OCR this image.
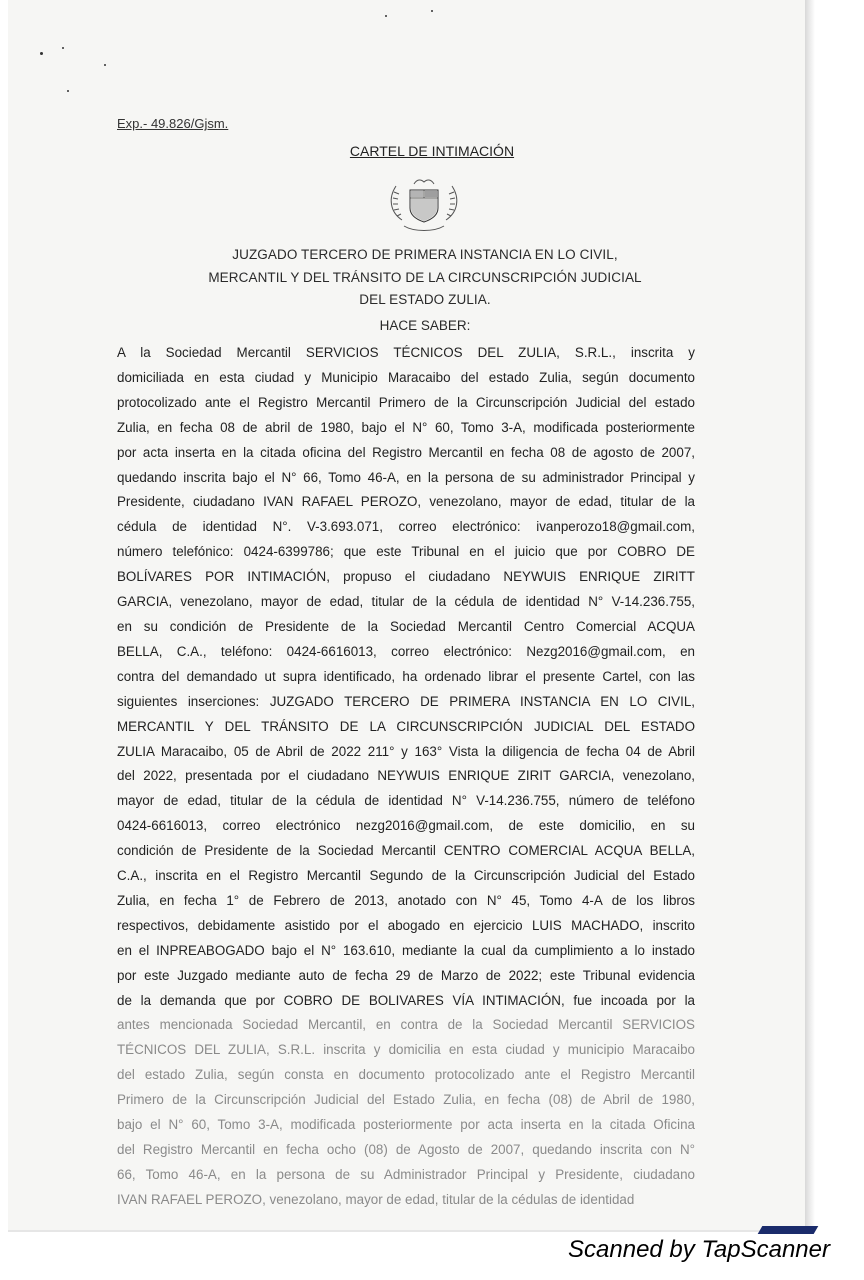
Exp.- 49.826/Gjsm.
CARTEL DE INTIMACIÓN
JUZGADO TERCERO DE PRIMERA INSTANCIA EN LO CIVIL,
MERCANTIL Y DEL TRÁNSITO DE LA CIRCUNSCRIPCIÓN JUDICIAL
DEL ESTADO ZULIA.
HACE SABER:
A la Sociedad Mercantil SERVICIOS TÉCNICOS DEL ZULIA, S.R.L., inscrita y
domiciliada en esta ciudad y Municipio Maracaibo del estado Zulia, según documento
protocolizado ante el Registro Mercantil Primero de la Circunscripción Judicial del estado
Zulia, en fecha 08 de abril de 1980, bajo el N° 60, Tomo 3-A, modificada posteriormente
por acta inserta en la citada oficina del Registro Mercantil en fecha 08 de agosto de 2007,
quedando inscrita bajo el N° 66, Tomo 46-A, en la persona de su administrador Principal y
Presidente, ciudadano IVAN RAFAEL PEROZO, venezolano, mayor de edad, titular de la
cédula de identidad N°. V-3.693.071, correo electrónico: ivanperozo18@gmail.com,
número telefónico: 0424-6399786; que este Tribunal en el juicio que por COBRO DE
BOLÍVARES POR INTIMACIÓN, propuso el ciudadano NEYWUIS ENRIQUE ZIRITT
GARCIA, venezolano, mayor de edad, titular de la cédula de identidad N° V-14.236.755,
en su condición de Presidente de la Sociedad Mercantil Centro Comercial ACQUA
BELLA, C.A., teléfono: 0424-6616013, correo electrónico: Nezg2016@gmail.com, en
contra del demandado ut supra identificado, ha ordenado librar el presente Cartel, con las
siguientes inserciones: JUZGADO TERCERO DE PRIMERA INSTANCIA EN LO CIVIL,
MERCANTIL Y DEL TRÁNSITO DE LA CIRCUNSCRIPCIÓN JUDICIAL DEL ESTADO
ZULIA Maracaibo, 05 de Abril de 2022 211° y 163° Vista la diligencia de fecha 04 de Abril
del 2022, presentada por el ciudadano NEYWUIS ENRIQUE ZIRIT GARCIA, venezolano,
mayor de edad, titular de la cédula de identidad N° V-14.236.755, número de teléfono
0424-6616013, correo electrónico nezg2016@gmail.com, de este domicilio, en su
condición de Presidente de la Sociedad Mercantil CENTRO COMERCIAL ACQUA BELLA,
C.A., inscrita en el Registro Mercantil Segundo de la Circunscripción Judicial del Estado
Zulia, en fecha 1° de Febrero de 2013, anotado con N° 45, Tomo 4-A de los libros
respectivos, debidamente asistido por el abogado en ejercicio LUIS MACHADO, inscrito
en el INPREABOGADO bajo el N° 163.610, mediante la cual da cumplimiento a lo instado
por este Juzgado mediante auto de fecha 29 de Marzo de 2022; este Tribunal evidencia
de la demanda que por COBRO DE BOLIVARES VÍA INTIMACIÓN, fue incoada por la
antes mencionada Sociedad Mercantil, en contra de la Sociedad Mercantil SERVICIOS
TÉCNICOS DEL ZULIA, S.R.L. inscrita y domicilia en esta ciudad y municipio Maracaibo
del estado Zulia, según consta en documento protocolizado ante el Registro Mercantil
Primero de la Circunscripción Judicial del Estado Zulia, en fecha (08) de Abril de 1980,
bajo el N° 60, Tomo 3-A, modificada posteriormente por acta inserta en la citada Oficina
del Registro Mercantil en fecha ocho (08) de Agosto de 2007, quedando inscrita con N°
66, Tomo 46-A, en la persona de su Administrador Principal y Presidente, ciudadano
IVAN RAFAEL PEROZO, venezolano, mayor de edad, titular de la cédulas de identidad
Scanned by TapScanner
